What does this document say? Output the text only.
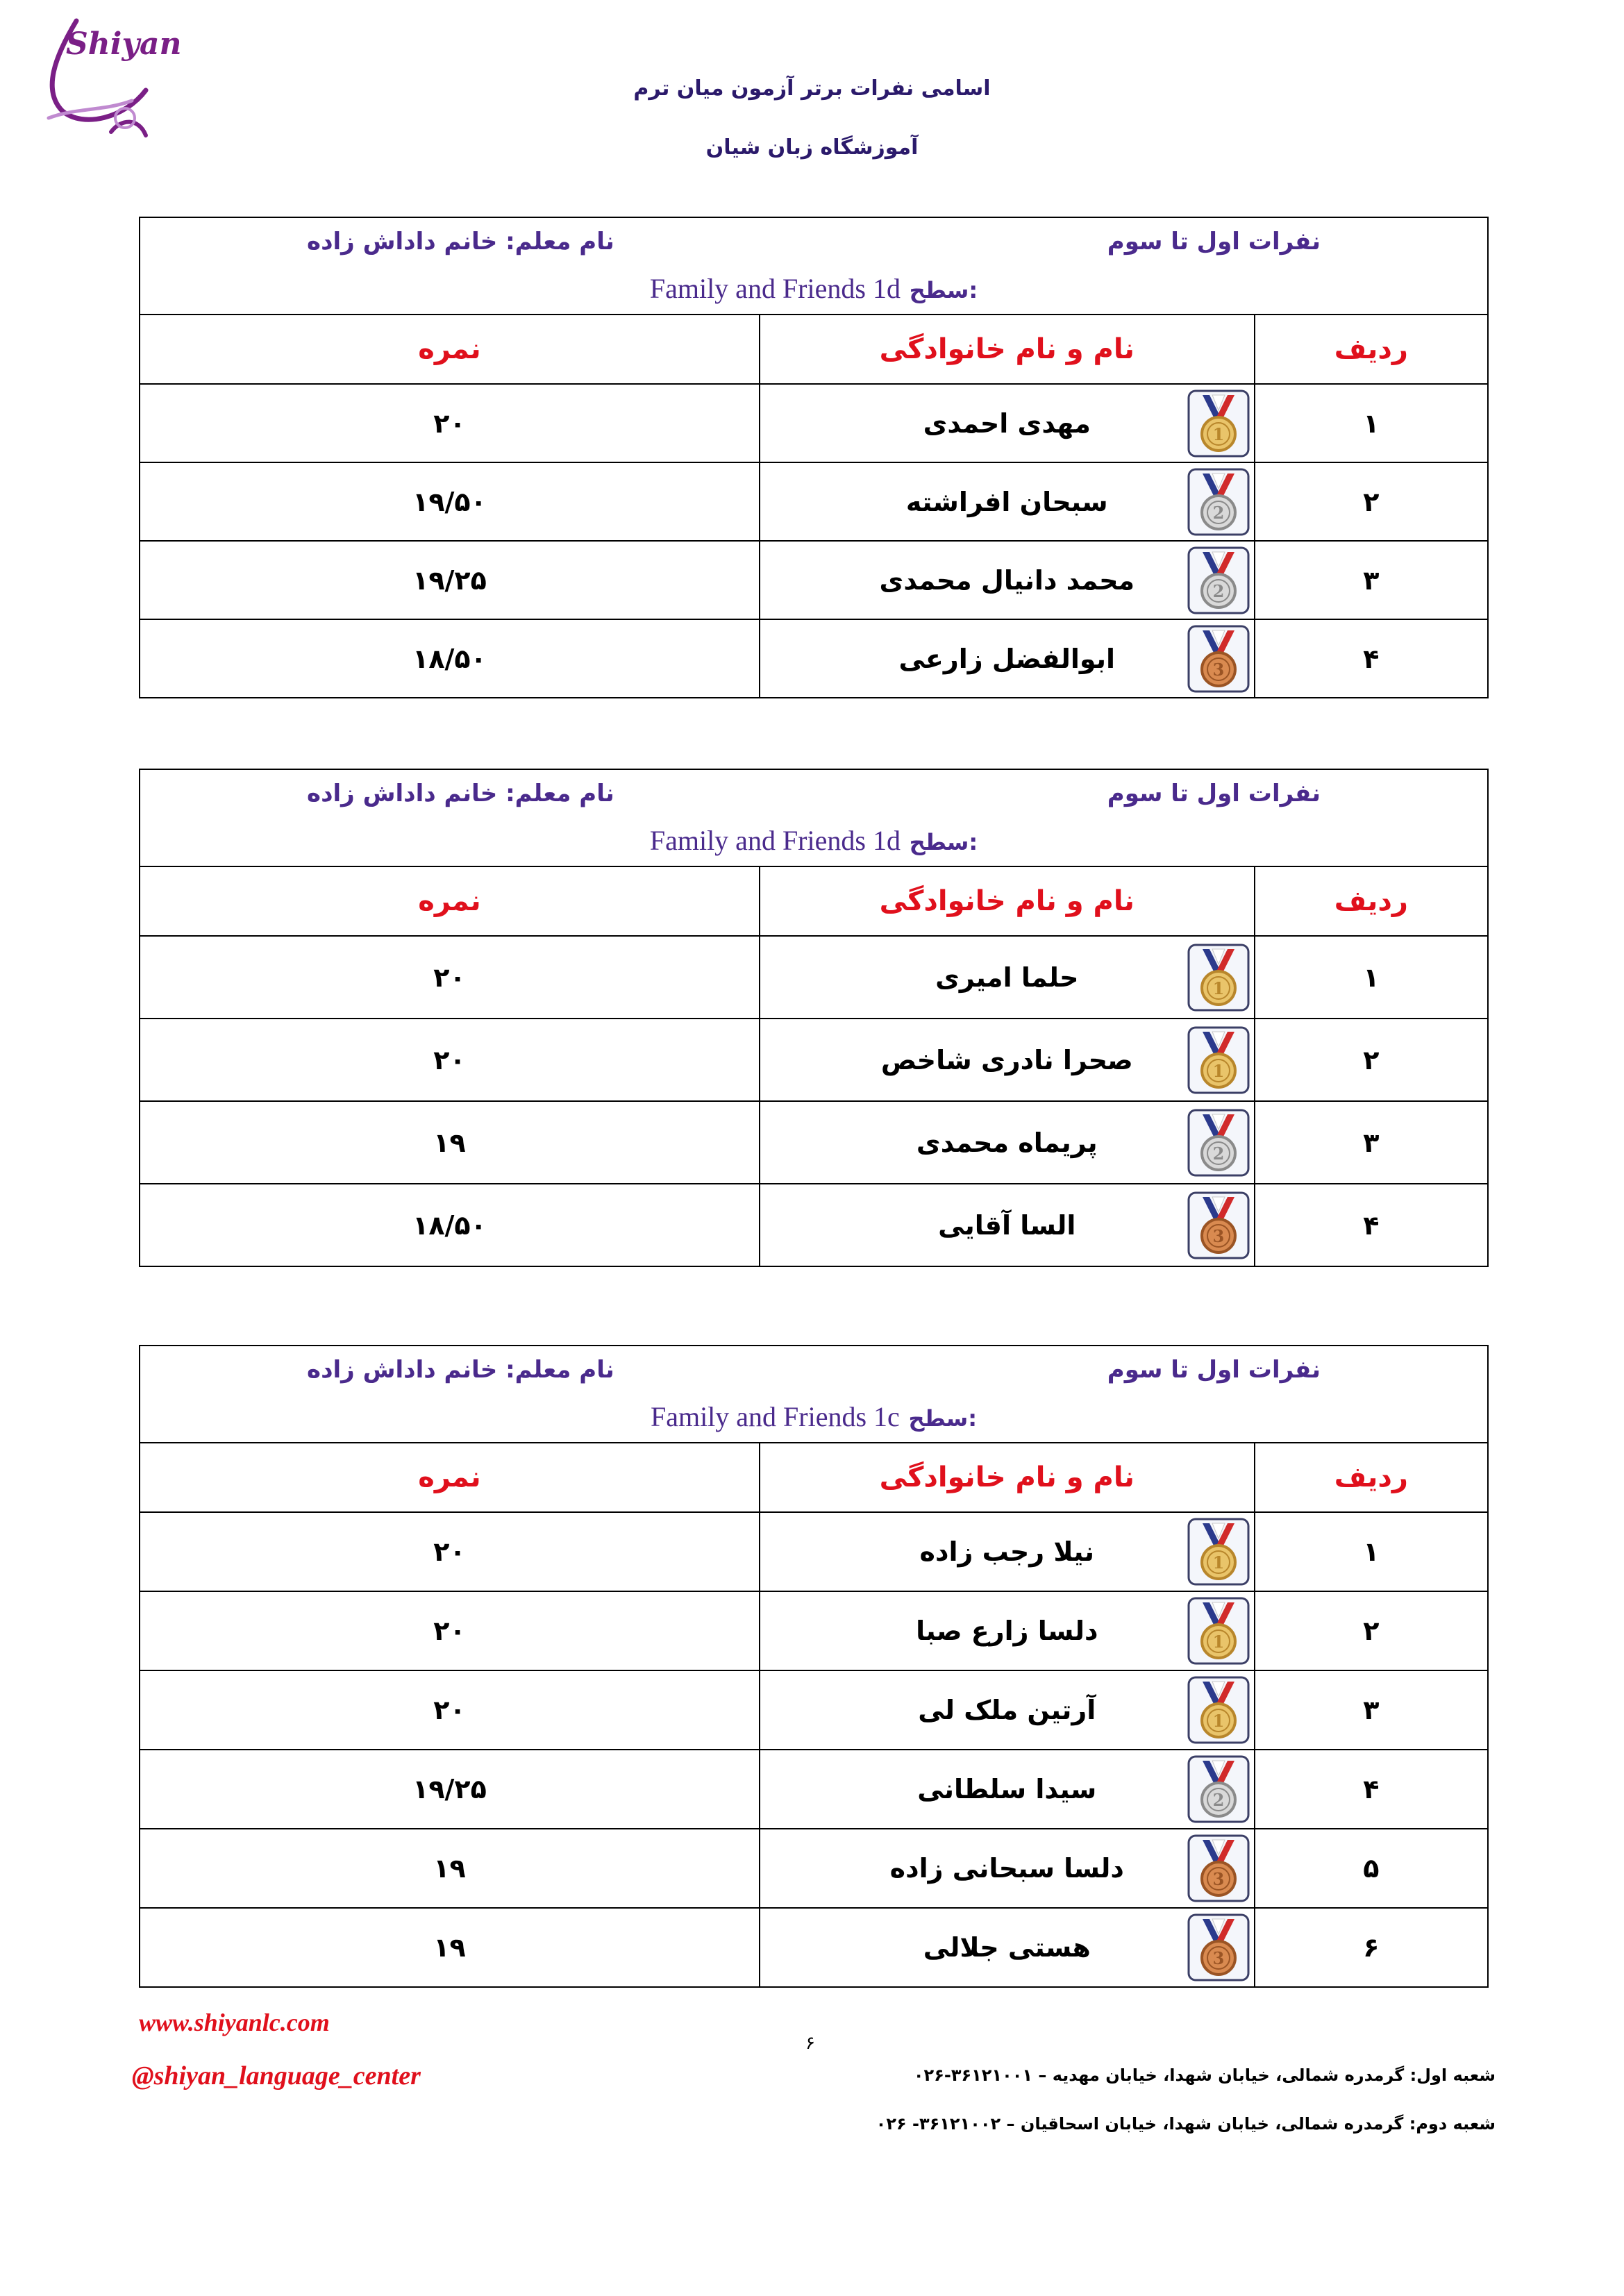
Shiyan
اسامی نفرات برتر آزمون میان ترم
آموزشگاه زبان شیان
نفرات اول تا سوم
نام معلم: خانم داداش زاده
Family and Friends 1d سطح:
نمره	نام و نام خانوادگی	ردیف
۲۰	مهدی احمدی 1	۱
۱۹/۵۰	سبحان افراشته 2	۲
۱۹/۲۵	محمد دانیال محمدی 2	۳
۱۸/۵۰	ابوالفضل زارعی 3	۴
نفرات اول تا سوم
نام معلم: خانم داداش زاده
Family and Friends 1d سطح:
نمره	نام و نام خانوادگی	ردیف
۲۰	حلما امیری 1	۱
۲۰	صحرا نادری شاخص 1	۲
۱۹	پریماه محمدی 2	۳
۱۸/۵۰	السا آقایی 3	۴
نفرات اول تا سوم
نام معلم: خانم داداش زاده
Family and Friends 1c سطح:
نمره	نام و نام خانوادگی	ردیف
۲۰	نیلا رجب زاده 1	۱
۲۰	دلسا زارع صبا 1	۲
۲۰	آرتین ملک لی 1	۳
۱۹/۲۵	سیدا سلطانی 2	۴
۱۹	دلسا سبحانی زاده 3	۵
۱۹	هستی جلالی 3	۶
www.shiyanlc.com
@shiyan_language_center
۶
شعبه اول: گرمدره شمالی، خیابان شهدا، خیابان مهدیه – ۳۶۱۲۱۰۰۱-۰۲۶
شعبه دوم: گرمدره شمالی، خیابان شهدا، خیابان اسحاقیان – ۳۶۱۲۱۰۰۲- ۰۲۶
